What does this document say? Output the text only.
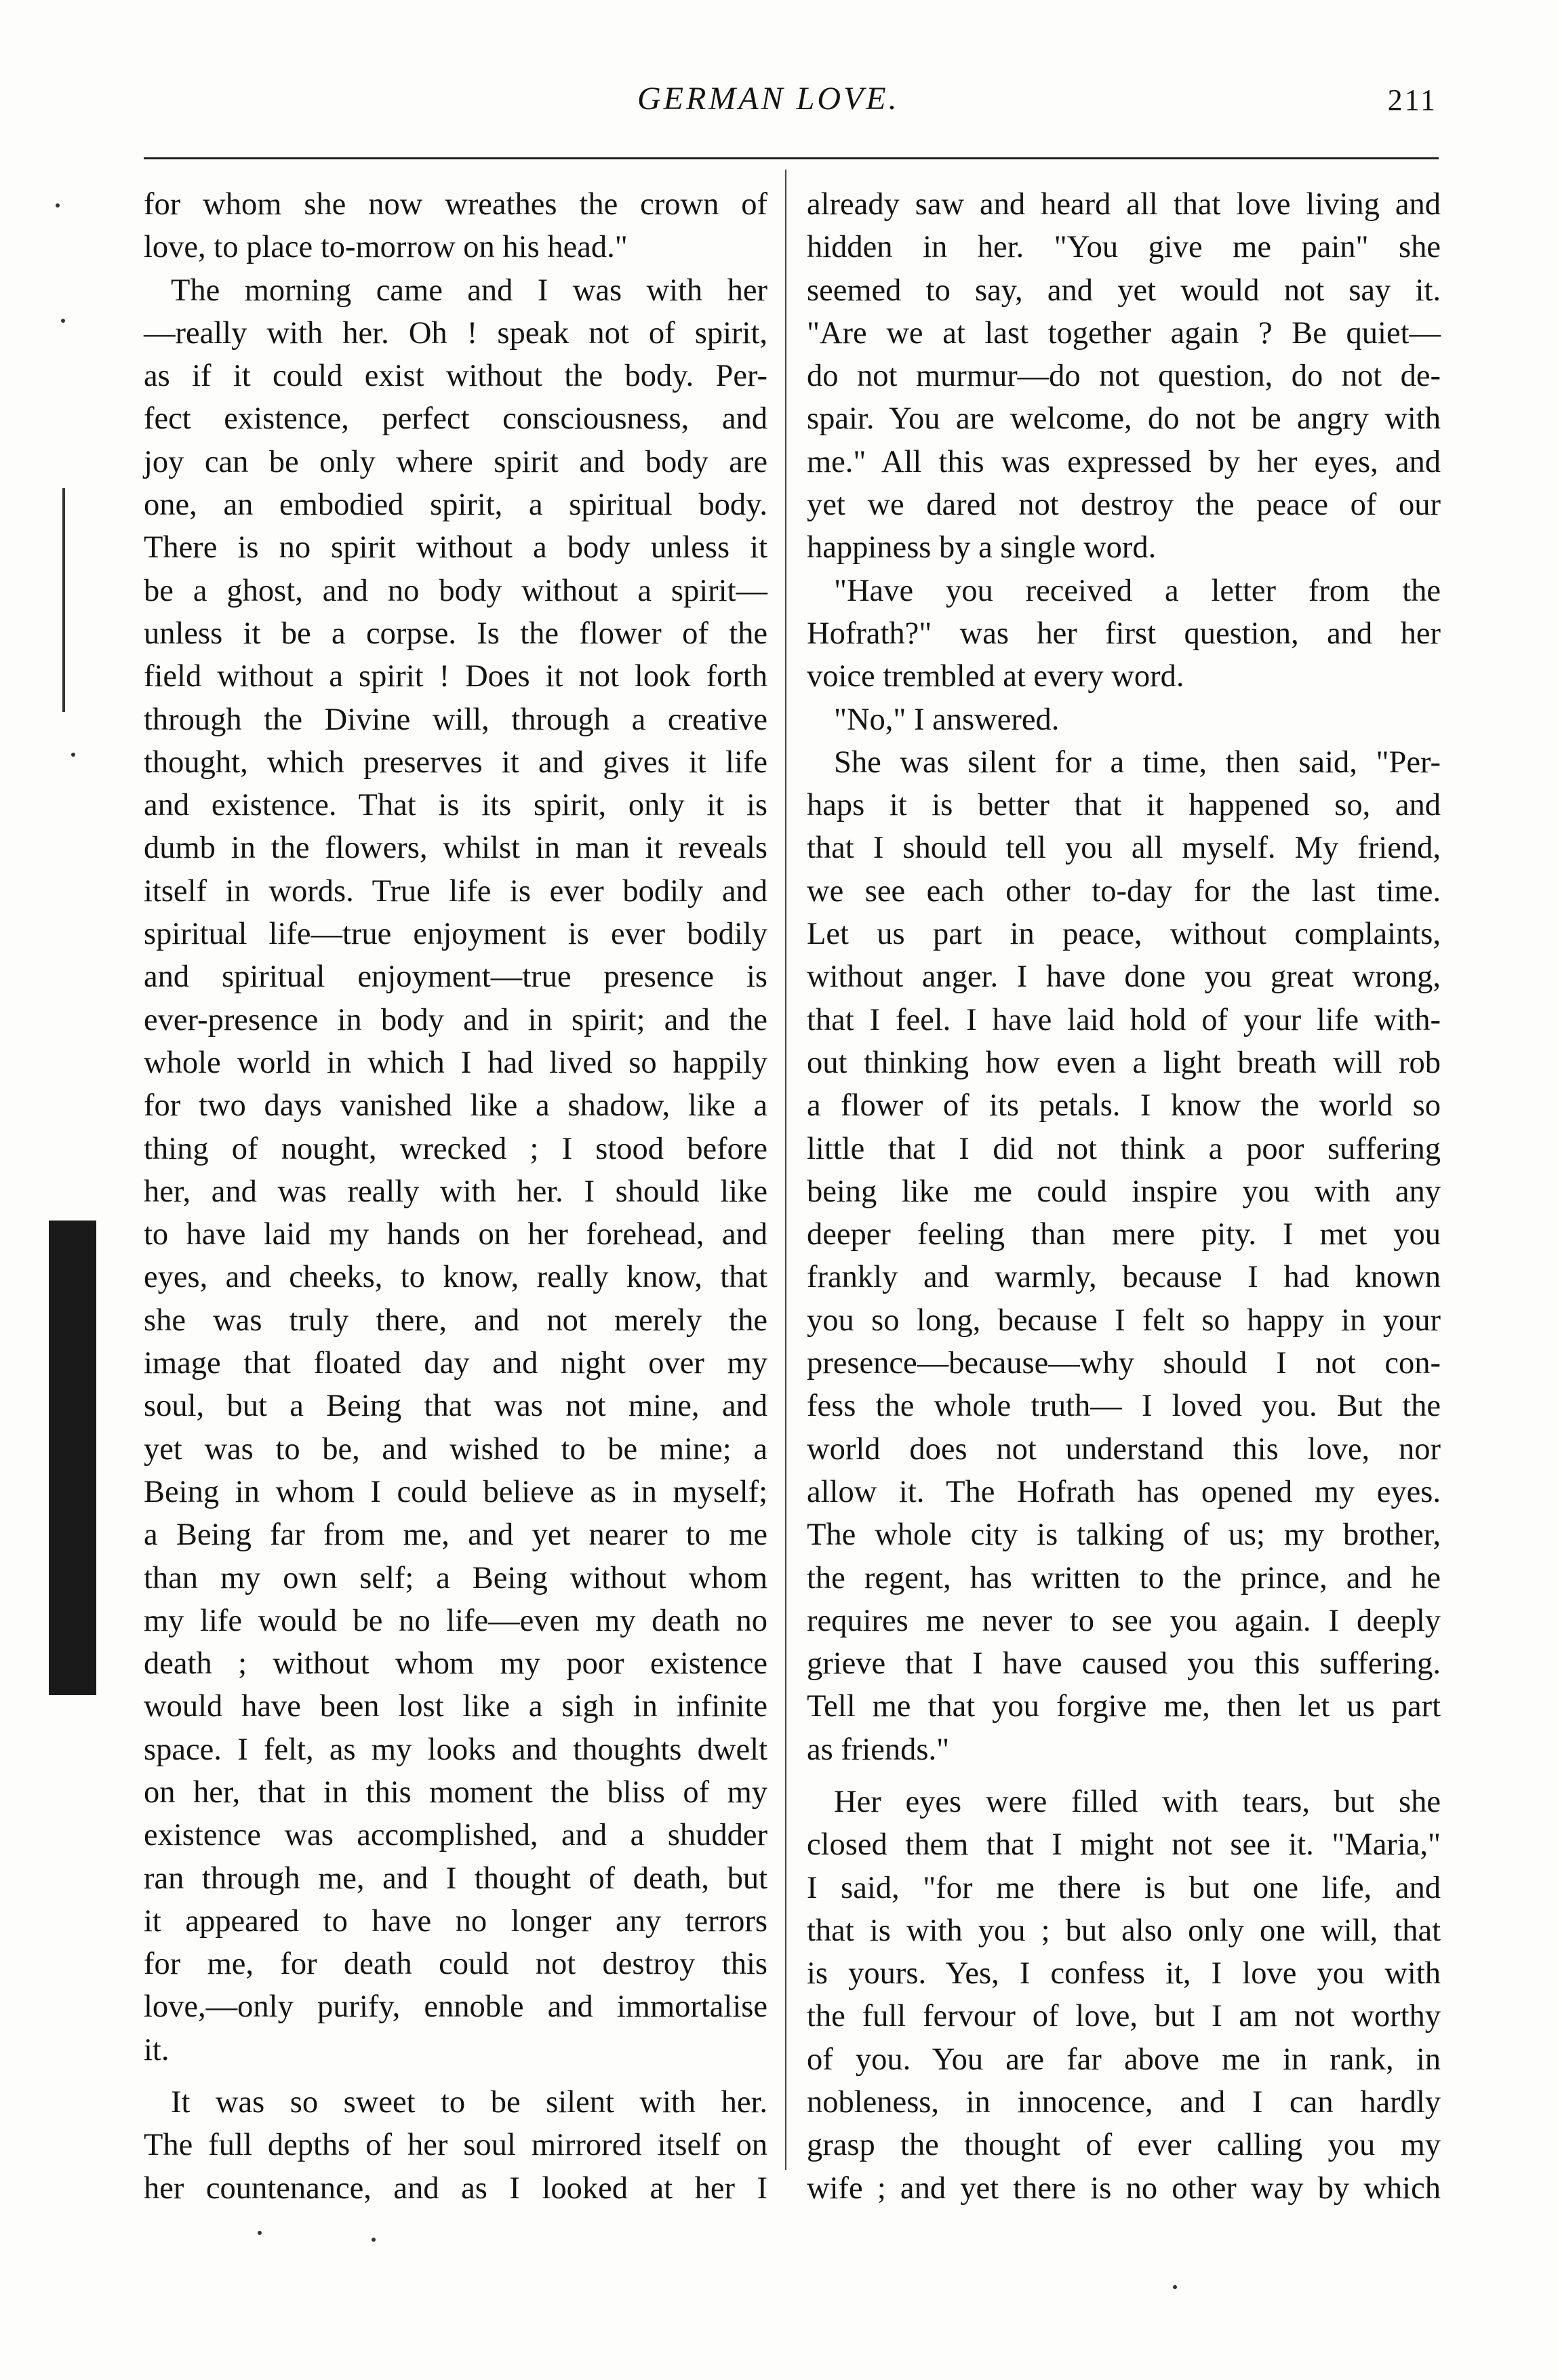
GERMAN LOVE.	211
for whom she now wreathes the crown of
love, to place to-morrow on his head."
The morning came and I was with her
—really with her. Oh ! speak not of spirit,
as if it could exist without the body. Per-
fect existence, perfect consciousness, and
joy can be only where spirit and body are
one, an embodied spirit, a spiritual body.
There is no spirit without a body unless it
be a ghost, and no body without a spirit—
unless it be a corpse. Is the flower of the
field without a spirit ! Does it not look forth
through the Divine will, through a creative
thought, which preserves it and gives it life
and existence. That is its spirit, only it is
dumb in the flowers, whilst in man it reveals
itself in words. True life is ever bodily and
spiritual life—true enjoyment is ever bodily
and spiritual enjoyment—true presence is
ever-presence in body and in spirit; and the
whole world in which I had lived so happily
for two days vanished like a shadow, like a
thing of nought, wrecked ; I stood before
her, and was really with her. I should like
to have laid my hands on her forehead, and
eyes, and cheeks, to know, really know, that
she was truly there, and not merely the
image that floated day and night over my
soul, but a Being that was not mine, and
yet was to be, and wished to be mine; a
Being in whom I could believe as in myself;
a Being far from me, and yet nearer to me
than my own self; a Being without whom
my life would be no life—even my death no
death ; without whom my poor existence
would have been lost like a sigh in infinite
space. I felt, as my looks and thoughts dwelt
on her, that in this moment the bliss of my
existence was accomplished, and a shudder
ran through me, and I thought of death, but
it appeared to have no longer any terrors
for me, for death could not destroy this
love,—only purify, ennoble and immortalise
it.
It was so sweet to be silent with her.
The full depths of her soul mirrored itself on
her countenance, and as I looked at her I
already saw and heard all that love living and
hidden in her. "You give me pain" she
seemed to say, and yet would not say it.
"Are we at last together again ? Be quiet—
do not murmur—do not question, do not de-
spair. You are welcome, do not be angry with
me." All this was expressed by her eyes, and
yet we dared not destroy the peace of our
happiness by a single word.
"Have you received a letter from the
Hofrath?" was her first question, and her
voice trembled at every word.
"No," I answered.
She was silent for a time, then said, "Per-
haps it is better that it happened so, and
that I should tell you all myself. My friend,
we see each other to-day for the last time.
Let us part in peace, without complaints,
without anger. I have done you great wrong,
that I feel. I have laid hold of your life with-
out thinking how even a light breath will rob
a flower of its petals. I know the world so
little that I did not think a poor suffering
being like me could inspire you with any
deeper feeling than mere pity. I met you
frankly and warmly, because I had known
you so long, because I felt so happy in your
presence—because—why should I not con-
fess the whole truth— I loved you. But the
world does not understand this love, nor
allow it. The Hofrath has opened my eyes.
The whole city is talking of us; my brother,
the regent, has written to the prince, and he
requires me never to see you again. I deeply
grieve that I have caused you this suffering.
Tell me that you forgive me, then let us part
as friends."
Her eyes were filled with tears, but she
closed them that I might not see it. "Maria,"
I said, "for me there is but one life, and
that is with you ; but also only one will, that
is yours. Yes, I confess it, I love you with
the full fervour of love, but I am not worthy
of you. You are far above me in rank, in
nobleness, in innocence, and I can hardly
grasp the thought of ever calling you my
wife ; and yet there is no other way by which
